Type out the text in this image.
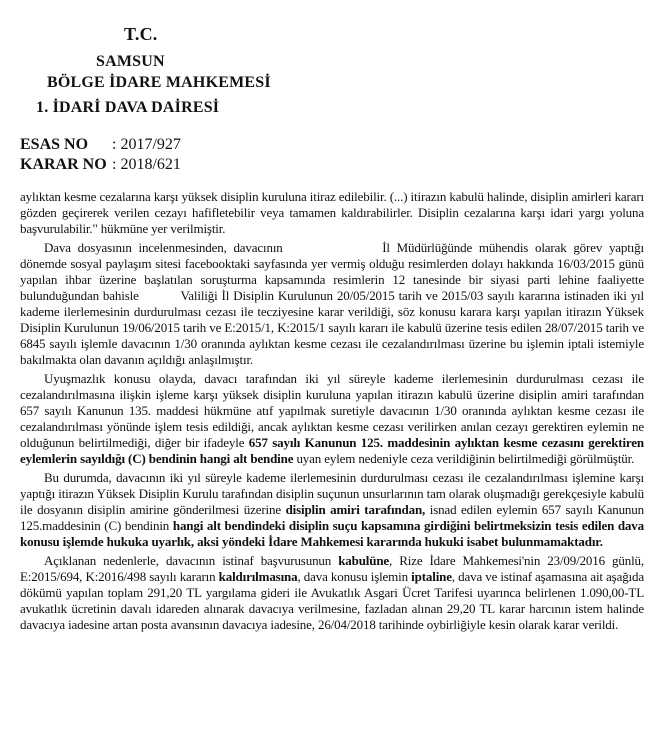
T.C.
SAMSUN
BÖLGE İDARE MAHKEMESİ
1. İDARİ DAVA DAİRESİ
ESAS NO : 2017/927
KARAR NO : 2018/621

aylıktan kesme cezalarına karşı yüksek disiplin kuruluna itiraz edilebilir. (...) itirazın kabulü halinde, disiplin amirleri kararı gözden geçirerek verilen cezayı hafifletebilir veya tamamen kaldırabilirler. Disiplin cezalarına karşı idari yargı yoluna başvurulabilir." hükmüne yer verilmiştir.

Dava dosyasının incelenmesinden, davacının	İl Müdürlüğünde mühendis olarak görev yaptığı dönemde sosyal paylaşım sitesi facebooktaki sayfasında yer vermiş olduğu resimlerden dolayı hakkında 16/03/2015 günü yapılan ihbar üzerine başlatılan soruşturma kapsamında resimlerin 12 tanesinde bir siyasi parti lehine faaliyette bulunduğundan bahisle	Valiliği İl Disiplin Kurulunun 20/05/2015 tarih ve 2015/03 sayılı kararına istinaden iki yıl kademe ilerlemesinin durdurulması cezası ile tecziyesine karar verildiği, söz konusu karara karşı yapılan itirazın Yüksek Disiplin Kurulunun 19/06/2015 tarih ve E:2015/1, K:2015/1 sayılı kararı ile kabulü üzerine tesis edilen 28/07/2015 tarih ve 6845 sayılı işlemle davacının 1/30 oranında aylıktan kesme cezası ile cezalandırılması üzerine bu işlemin iptali istemiyle bakılmakta olan davanın açıldığı anlaşılmıştır.

Uyuşmazlık konusu olayda, davacı tarafından iki yıl süreyle kademe ilerlemesinin durdurulması cezası ile cezalandırılmasına ilişkin işleme karşı yüksek disiplin kuruluna yapılan itirazın kabulü üzerine disiplin amiri tarafından 657 sayılı Kanunun 135. maddesi hükmüne atıf yapılmak suretiyle davacının 1/30 oranında aylıktan kesme cezası ile cezalandırılması yönünde işlem tesis edildiği, ancak aylıktan kesme cezası verilirken anılan cezayı gerektiren eylemin ne olduğunun belirtilmediği, diğer bir ifadeyle 657 sayılı Kanunun 125. maddesinin aylıktan kesme cezasını gerektiren eylemlerin sayıldığı (C) bendinin hangi alt bendine uyan eylem nedeniyle ceza verildiğinin belirtilmediği görülmüştür.

Bu durumda, davacının iki yıl süreyle kademe ilerlemesinin durdurulması cezası ile cezalandırılması işlemine karşı yaptığı itirazın Yüksek Disiplin Kurulu tarafından disiplin suçunun unsurlarının tam olarak oluşmadığı gerekçesiyle kabulü ile dosyanın disiplin amirine gönderilmesi üzerine disiplin amiri tarafından, isnad edilen eylemin 657 sayılı Kanunun 125.maddesinin (C) bendinin hangi alt bendindeki disiplin suçu kapsamına girdiğini belirtmeksizin tesis edilen dava konusu işlemde hukuka uyarlık, aksi yöndeki İdare Mahkemesi kararında hukuki isabet bulunmamaktadır.

Açıklanan nedenlerle, davacının istinaf başvurusunun kabulüne, Rize İdare Mahkemesi'nin 23/09/2016 günlü, E:2015/694, K:2016/498 sayılı kararın kaldırılmasına, dava konusu işlemin iptaline, dava ve istinaf aşamasına ait aşağıda dökümü yapılan toplam 291,20 TL yargılama gideri ile Avukatlık Asgari Ücret Tarifesi uyarınca belirlenen 1.090,00-TL avukatlık ücretinin davalı idareden alınarak davacıya verilmesine, fazladan alınan 29,20 TL karar harcının istem halinde davacıya iadesine artan posta avansının davacıya iadesine, 26/04/2018 tarihinde oybirliğiyle kesin olarak karar verildi.
